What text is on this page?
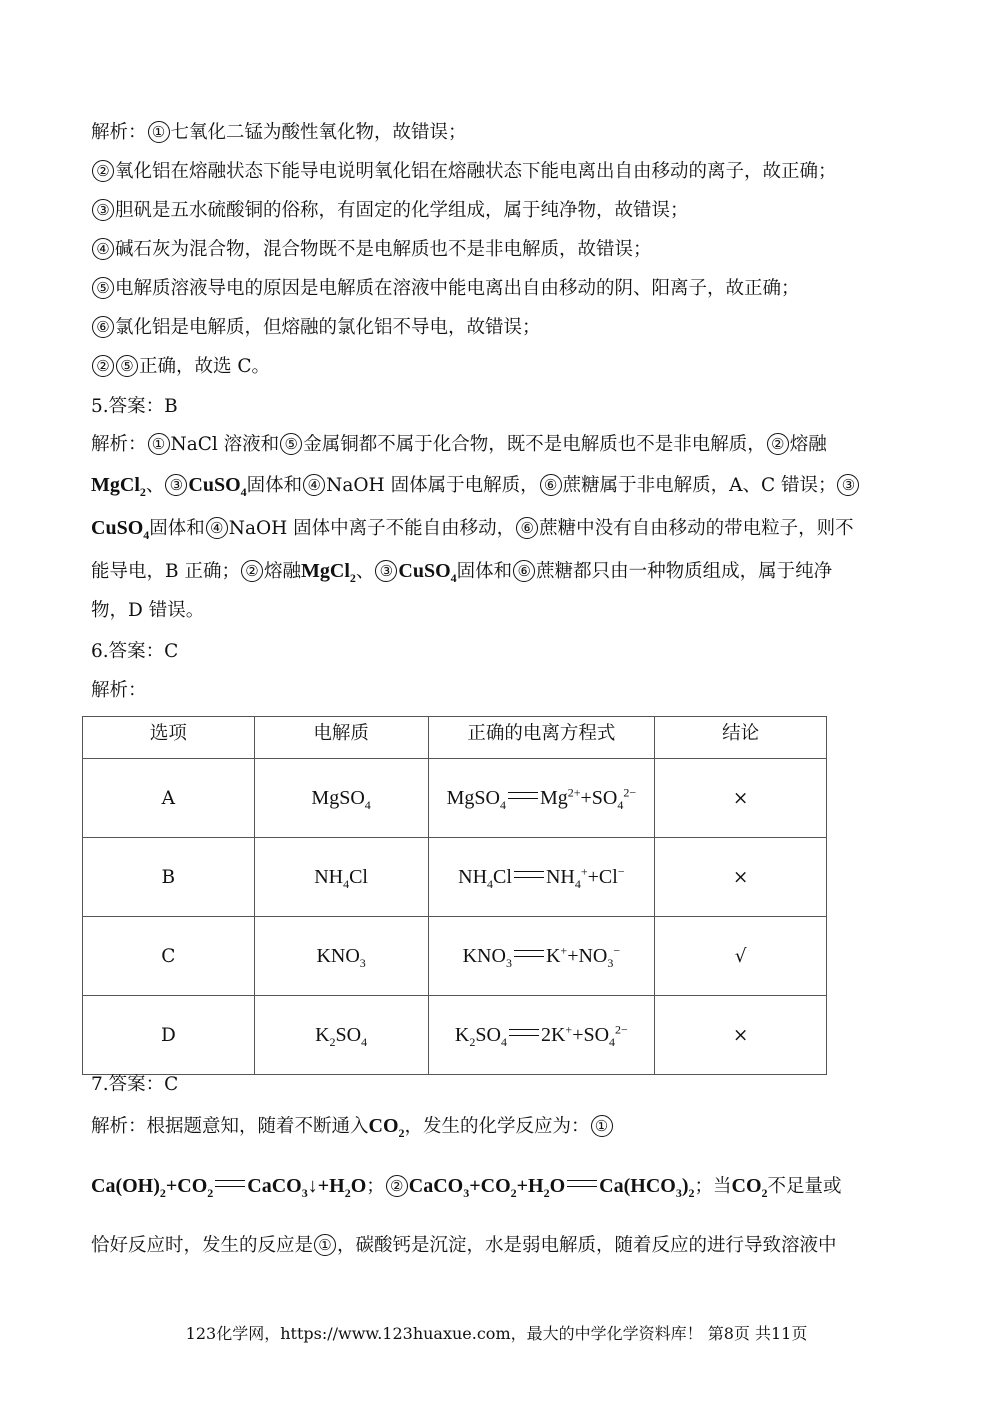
解析： ① 七氧化二锰为酸性氧化物，故错误；
② 氧化铝在熔融状态下能导电说明氧化铝在熔融状态下能电离出自由移动的离子，故正确；
③ 胆矾是五水硫酸铜的俗称，有固定的化学组成，属于纯净物，故错误；
④ 碱石灰为混合物，混合物既不是电解质也不是非电解质，故错误；
⑤ 电解质溶液导电的原因是电解质在溶液中能电离出自由移动的阴、阳离子，故正确；
⑥ 氯化铝是电解质，但熔融的氯化铝不导电，故错误；
② ⑤ 正确，故选 C。
5.答案：B
解析： ① NaCl 溶液和 ⑤ 金属铜都不属于化合物，既不是电解质也不是非电解质， ② 熔融
MgCl$_2$、 ③ CuSO$_4$固体和 ④ NaOH 固体属于电解质， ⑥ 蔗糖属于非电解质，A、C 错误； ③
CuSO$_4$固体和 ④ NaOH 固体中离子不能自由移动， ⑥ 蔗糖中没有自由移动的带电粒子，则不
能导电，B 正确； ② 熔融MgCl$_2$、 ③ CuSO$_4$固体和 ⑥ 蔗糖都只由一种物质组成，属于纯净
物，D 错误。
6.答案：C
解析：
选项	电解质	正确的电离方程式	结论
A	MgSO$_4$	MgSO$_4$ $Mg^{2+}+SO_4^{2-}$	×
B	$NH_4Cl$	$NH_4Cl$ $NH_4^++Cl^-$	×
C	$KNO_3$	$KNO_3$ $K^++NO_3^-$	√
D	$K_2SO_4$	$K_2SO_4$ $2K^++SO_4^{2-}$	×
7.答案：C
解析：根据题意知，随着不断通入$CO_2$，发生的化学反应为： ①
$Ca(OH)_2+CO_2$ $CaCO_3↓+H_2O$； ② $CaCO_3+CO_2+H_2O$ $Ca(HCO_3)_2$；当$CO_2$不足量或
恰好反应时，发生的反应是 ① ，碳酸钙是沉淀，水是弱电解质，随着反应的进行导致溶液中
123化学网，https://www.123huaxue.com，最大的中学化学资料库！ 第8页 共11页
